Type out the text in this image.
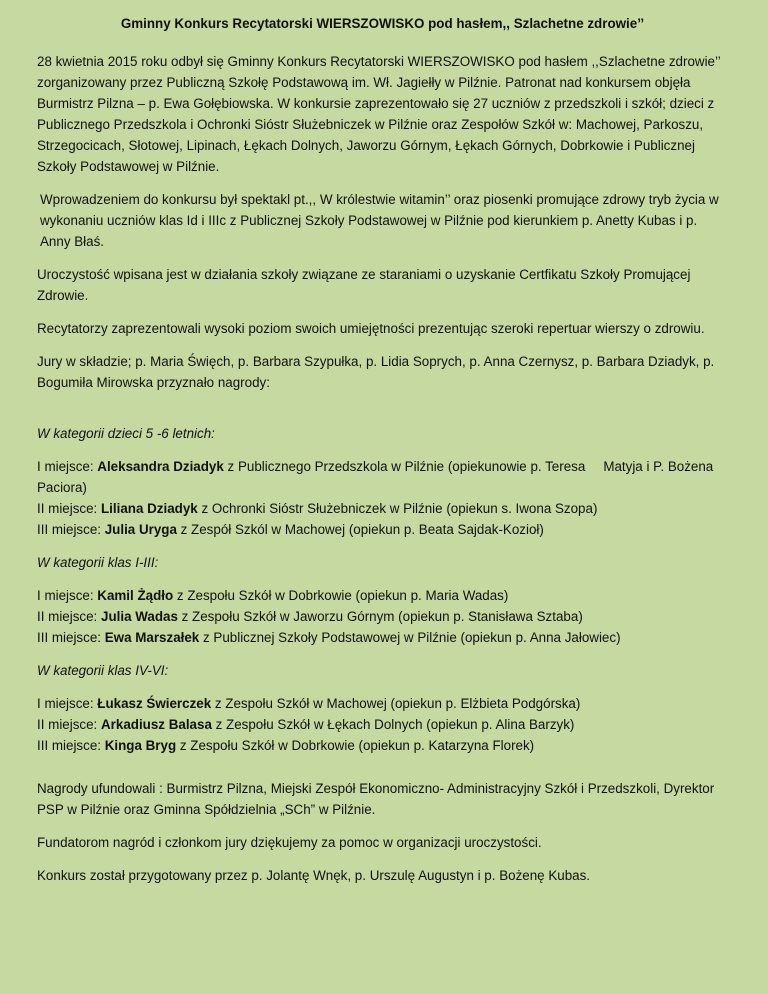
Gminny Konkurs Recytatorski WIERSZOWISKO pod hasłem,, Szlachetne zdrowie’’

28 kwietnia 2015 roku odbył się Gminny Konkurs Recytatorski WIERSZOWISKO pod hasłem ,,Szlachetne zdrowie’’ zorganizowany przez Publiczną Szkołę Podstawową im. Wł. Jagiełły w Pilźnie. Patronat nad konkursem objęła Burmistrz Pilzna – p. Ewa Gołębiowska. W konkursie zaprezentowało się 27 uczniów z przedszkoli i szkół; dzieci z Publicznego Przedszkola i Ochronki Sióstr Służebniczek w Pilźnie oraz Zespołów Szkół w: Machowej, Parkoszu, Strzegocicach, Słotowej, Lipinach, Łękach Dolnych, Jaworzu Górnym, Łękach Górnych, Dobrkowie i Publicznej Szkoły Podstawowej w Pilźnie.

Wprowadzeniem do konkursu był spektakl pt.,, W królestwie witamin’’ oraz piosenki promujące zdrowy tryb życia w wykonaniu uczniów klas Id i IIIc z Publicznej Szkoły Podstawowej w Pilźnie pod kierunkiem p. Anetty Kubas i p. Anny Błaś.

Uroczystość wpisana jest w działania szkoły związane ze staraniami o uzyskanie Certfikatu Szkoły Promującej Zdrowie.

Recytatorzy zaprezentowali wysoki poziom swoich umiejętności prezentując szeroki repertuar wierszy o zdrowiu.

Jury w składzie; p. Maria Święch, p. Barbara Szypułka, p. Lidia Soprych, p. Anna Czernysz, p. Barbara Dziadyk, p. Bogumiła Mirowska przyznało nagrody:

W kategorii dzieci 5 -6 letnich:
I miejsce: Aleksandra Dziadyk z Publicznego Przedszkola w Pilźnie (opiekunowie p. Teresa Matyja i P. Bożena Paciora)
II miejsce: Liliana Dziadyk z Ochronki Sióstr Służebniczek w Pilźnie (opiekun s. Iwona Szopa)
III miejsce: Julia Uryga z Zespół Szkól w Machowej (opiekun p. Beata Sajdak-Kozioł)
W kategorii klas I-III:
I miejsce: Kamil Żądło z Zespołu Szkół w Dobrkowie (opiekun p. Maria Wadas)
II miejsce: Julia Wadas z Zespołu Szkół w Jaworzu Górnym (opiekun p. Stanisława Sztaba)
III miejsce: Ewa Marszałek z Publicznej Szkoły Podstawowej w Pilźnie (opiekun p. Anna Jałowiec)
W kategorii klas IV-VI:
I miejsce: Łukasz Świerczek z Zespołu Szkół w Machowej (opiekun p. Elżbieta Podgórska)
II miejsce: Arkadiusz Balasa z Zespołu Szkół w Łękach Dolnych (opiekun p. Alina Barzyk)
III miejsce: Kinga Bryg z Zespołu Szkół w Dobrkowie (opiekun p. Katarzyna Florek)

Nagrody ufundowali : Burmistrz Pilzna, Miejski Zespół Ekonomiczno- Administracyjny Szkół i Przedszkoli, Dyrektor PSP w Pilźnie oraz Gminna Spółdzielnia „SCh” w Pilźnie.

Fundatorom nagród i członkom jury dziękujemy za pomoc w organizacji uroczystości.

Konkurs został przygotowany przez p. Jolantę Wnęk, p. Urszulę Augustyn i p. Bożenę Kubas.
